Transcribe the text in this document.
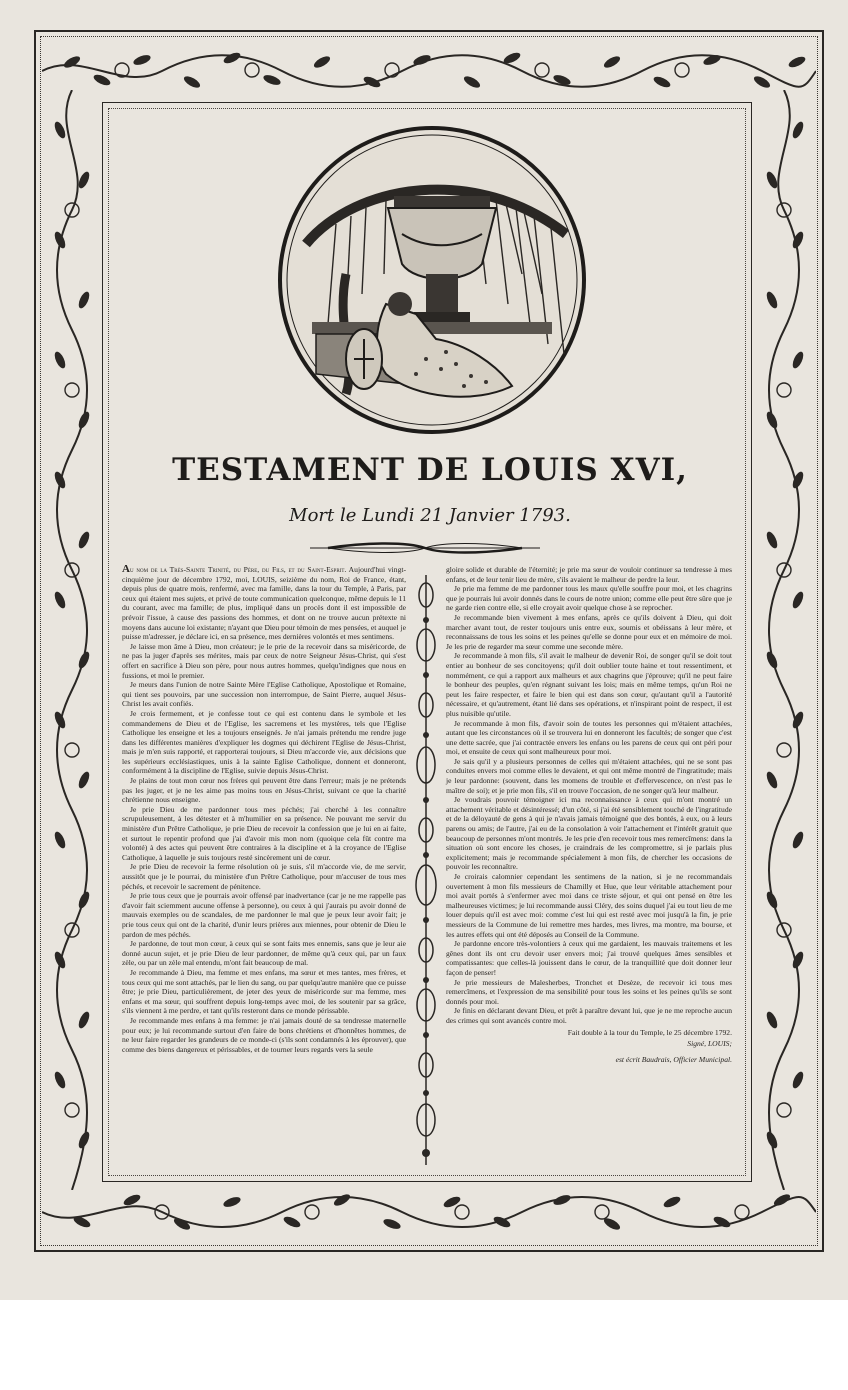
TESTAMENT DE LOUIS XVI,
Mort le Lundi 21 Janvier 1793.

Au nom de la Très-Sainte Trinité, du Père, du Fils, et du Saint-Esprit. Aujourd'hui vingt-cinquième jour de décembre 1792, moi, LOUIS, seizième du nom, Roi de France, étant, depuis plus de quatre mois, renfermé, avec ma famille, dans la tour du Temple, à Paris, par ceux qui étaient mes sujets, et privé de toute communication quelconque, même depuis le 11 du courant, avec ma famille; de plus, impliqué dans un procès dont il est impossible de prévoir l'issue, à cause des passions des hommes, et dont on ne trouve aucun prétexte ni moyens dans aucune loi existante; n'ayant que Dieu pour témoin de mes pensées, et auquel je puisse m'adresser, je déclare ici, en sa présence, mes dernières volontés et mes sentimens.

Je laisse mon âme à Dieu, mon créateur; je le prie de la recevoir dans sa miséricorde, de ne pas la juger d'après ses mérites, mais par ceux de notre Seigneur Jésus-Christ, qui s'est offert en sacrifice à Dieu son père, pour nous autres hommes, quelqu'indignes que nous en fussions, et moi le premier.

Je meurs dans l'union de notre Sainte Mère l'Eglise Catholique, Apostolique et Romaine, qui tient ses pouvoirs, par une succession non interrompue, de Saint Pierre, auquel Jésus-Christ les avait confiés.

Je crois fermement, et je confesse tout ce qui est contenu dans le symbole et les commandemens de Dieu et de l'Eglise, les sacremens et les mystères, tels que l'Eglise Catholique les enseigne et les a toujours enseignés. Je n'ai jamais prétendu me rendre juge dans les différentes manières d'expliquer les dogmes qui déchirent l'Eglise de Jésus-Christ, mais je m'en suis rapporté, et rapporterai toujours, si Dieu m'accorde vie, aux décisions que les supérieurs ecclésiastiques, unis à la sainte Eglise Catholique, donnent et donneront, conformément à la discipline de l'Eglise, suivie depuis Jésus-Christ.

Je plains de tout mon cœur nos frères qui peuvent être dans l'erreur; mais je ne prétends pas les juger, et je ne les aime pas moins tous en Jésus-Christ, suivant ce que la charité chrétienne nous enseigne.

Je prie Dieu de me pardonner tous mes péchés; j'ai cherché à les connaître scrupuleusement, à les détester et à m'humilier en sa présence. Ne pouvant me servir du ministère d'un Prêtre Catholique, je prie Dieu de recevoir la confession que je lui en ai faite, et surtout le repentir profond que j'ai d'avoir mis mon nom (quoique cela fût contre ma volonté) à des actes qui peuvent être contraires à la discipline et à la croyance de l'Eglise Catholique, à laquelle je suis toujours resté sincèrement uni de cœur.

Je prie Dieu de recevoir la ferme résolution où je suis, s'il m'accorde vie, de me servir, aussitôt que je le pourrai, du ministère d'un Prêtre Catholique, pour m'accuser de tous mes péchés, et recevoir le sacrement de pénitence.

Je prie tous ceux que je pourrais avoir offensé par inadvertance (car je ne me rappelle pas d'avoir fait sciemment aucune offense à personne), ou ceux à qui j'aurais pu avoir donné de mauvais exemples ou de scandales, de me pardonner le mal que je peux leur avoir fait; je prie tous ceux qui ont de la charité, d'unir leurs prières aux miennes, pour obtenir de Dieu le pardon de mes péchés.

Je pardonne, de tout mon cœur, à ceux qui se sont faits mes ennemis, sans que je leur aie donné aucun sujet, et je prie Dieu de leur pardonner, de même qu'à ceux qui, par un faux zèle, ou par un zèle mal entendu, m'ont fait beaucoup de mal.

Je recommande à Dieu, ma femme et mes enfans, ma sœur et mes tantes, mes frères, et tous ceux qui me sont attachés, par le lien du sang, ou par quelqu'autre manière que ce puisse être; je prie Dieu, particulièrement, de jeter des yeux de miséricorde sur ma femme, mes enfans et ma sœur, qui souffrent depuis long-temps avec moi, de les soutenir par sa grâce, s'ils viennent à me perdre, et tant qu'ils resteront dans ce monde périssable.

Je recommande mes enfans à ma femme: je n'ai jamais douté de sa tendresse maternelle pour eux; je lui recommande surtout d'en faire de bons chrétiens et d'honnêtes hommes, de ne leur faire regarder les grandeurs de ce monde-ci (s'ils sont condamnés à les éprouver), que comme des biens dangereux et périssables, et de tourner leurs regards vers la seule

gloire solide et durable de l'éternité; je prie ma sœur de vouloir continuer sa tendresse à mes enfans, et de leur tenir lieu de mère, s'ils avaient le malheur de perdre la leur.

Je prie ma femme de me pardonner tous les maux qu'elle souffre pour moi, et les chagrins que je pourrais lui avoir donnés dans le cours de notre union; comme elle peut être sûre que je ne garde rien contre elle, si elle croyait avoir quelque chose à se reprocher.

Je recommande bien vivement à mes enfans, après ce qu'ils doivent à Dieu, qui doit marcher avant tout, de rester toujours unis entre eux, soumis et obéissans à leur mère, et reconnaissans de tous les soins et les peines qu'elle se donne pour eux et en mémoire de moi. Je les prie de regarder ma sœur comme une seconde mère.

Je recommande à mon fils, s'il avait le malheur de devenir Roi, de songer qu'il se doit tout entier au bonheur de ses concitoyens; qu'il doit oublier toute haine et tout ressentiment, et nommément, ce qui a rapport aux malheurs et aux chagrins que j'éprouve; qu'il ne peut faire le bonheur des peuples, qu'en régnant suivant les lois; mais en même temps, qu'un Roi ne peut les faire respecter, et faire le bien qui est dans son cœur, qu'autant qu'il a l'autorité nécessaire, et qu'autrement, étant lié dans ses opérations, et n'inspirant point de respect, il est plus nuisible qu'utile.

Je recommande à mon fils, d'avoir soin de toutes les personnes qui m'étaient attachées, autant que les circonstances où il se trouvera lui en donneront les facultés; de songer que c'est une dette sacrée, que j'ai contractée envers les enfans ou les parens de ceux qui ont péri pour moi, et ensuite de ceux qui sont malheureux pour moi.

Je sais qu'il y a plusieurs personnes de celles qui m'étaient attachées, qui ne se sont pas conduites envers moi comme elles le devaient, et qui ont même montré de l'ingratitude; mais je leur pardonne: (souvent, dans les momens de trouble et d'effervescence, on n'est pas le maître de soi); et je prie mon fils, s'il en trouve l'occasion, de ne songer qu'à leur malheur.

Je voudrais pouvoir témoigner ici ma reconnaissance à ceux qui m'ont montré un attachement véritable et désintéressé; d'un côté, si j'ai été sensiblement touché de l'ingratitude et de la déloyauté de gens à qui je n'avais jamais témoigné que des bontés, à eux, ou à leurs parens ou amis; de l'autre, j'ai eu de la consolation à voir l'attachement et l'intérêt gratuit que beaucoup de personnes m'ont montrés. Je les prie d'en recevoir tous mes remercîmens: dans la situation où sont encore les choses, je craindrais de les compromettre, si je parlais plus explicitement; mais je recommande spécialement à mon fils, de chercher les occasions de pouvoir les reconnaître.

Je croirais calomnier cependant les sentimens de la nation, si je ne recommandais ouvertement à mon fils messieurs de Chamilly et Hue, que leur véritable attachement pour moi avait portés à s'enfermer avec moi dans ce triste séjour, et qui ont pensé en être les malheureuses victimes; je lui recommande aussi Cléry, des soins duquel j'ai eu tout lieu de me louer depuis qu'il est avec moi: comme c'est lui qui est resté avec moi jusqu'à la fin, je prie messieurs de la Commune de lui remettre mes hardes, mes livres, ma montre, ma bourse, et les autres effets qui ont été déposés au Conseil de la Commune.

Je pardonne encore très-volontiers à ceux qui me gardaient, les mauvais traitemens et les gênes dont ils ont cru devoir user envers moi; j'ai trouvé quelques âmes sensibles et compatissantes: que celles-là jouissent dans le cœur, de la tranquillité que doit donner leur façon de penser!

Je prie messieurs de Malesherbes, Tronchet et Desèze, de recevoir ici tous mes remercîmens, et l'expression de ma sensibilité pour tous les soins et les peines qu'ils se sont donnés pour moi.

Je finis en déclarant devant Dieu, et prêt à paraître devant lui, que je ne me reproche aucun des crimes qui sont avancés contre moi.

Fait double à la tour du Temple, le 25 décembre 1792.

Signé, LOUIS;

est écrit Baudrais, Officier Municipal.
